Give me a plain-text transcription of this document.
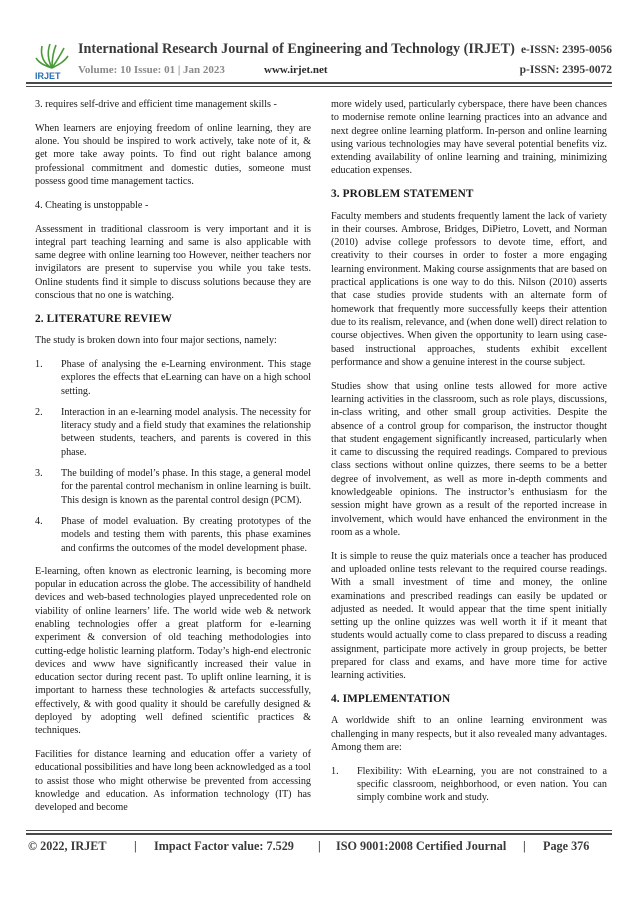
IRJET
International Research Journal of Engineering and Technology (IRJET) e-ISSN: 2395-0056
Volume: 10 Issue: 01 | Jan 2023	www.irjet.net	p-ISSN: 2395-0072

3. requires self-drive and efficient time management skills -

When learners are enjoying freedom of online learning, they are alone. You should be inspired to work actively, take note of it, & get more take away points. To find out right balance among professional commitment and domestic duties, someone must possess good time management tactics.

4. Cheating is unstoppable -

Assessment in traditional classroom is very important and it is integral part teaching learning and same is also applicable with same degree with online learning too However, neither teachers nor invigilators are present to supervise you while you take tests. Online students find it simple to discuss solutions because they are conscious that no one is watching.

2. LITERATURE REVIEW

The study is broken down into four major sections, namely:

1. Phase of analysing the e-Learning environment. This stage explores the effects that eLearning can have on a high school setting.
2. Interaction in an e-learning model analysis. The necessity for literacy study and a field study that examines the relationship between students, teachers, and parents is covered in this phase.
3. The building of model’s phase. In this stage, a general model for the parental control mechanism in online learning is built. This design is known as the parental control design (PCM).
4. Phase of model evaluation. By creating prototypes of the models and testing them with parents, this phase examines and confirms the outcomes of the model development phase.

E-learning, often known as electronic learning, is becoming more popular in education across the globe. The accessibility of handheld devices and web-based technologies played unprecedented role on viability of online learners’ life. The world wide web & network enabling technologies offer a great platform for e-learning experiment & conversion of old teaching methodologies into cutting-edge holistic learning platform. Today’s high-end electronic devices and www have significantly increased their value in education sector during recent past. To uplift online learning, it is important to harness these technologies & artefacts successfully, effectively, & with good quality it should be carefully designed & deployed by adopting well defined scientific practices & techniques.

Facilities for distance learning and education offer a variety of educational possibilities and have long been acknowledged as a tool to assist those who might otherwise be prevented from accessing knowledge and education. As information technology (IT) has developed and become

more widely used, particularly cyberspace, there have been chances to modernise remote online learning practices into an advance and next degree online learning platform. In-person and online learning using various technologies may have several potential benefits viz. extending availability of online learning and training, minimizing education expenses.

3. PROBLEM STATEMENT

Faculty members and students frequently lament the lack of variety in their courses. Ambrose, Bridges, DiPietro, Lovett, and Norman (2010) advise college professors to devote time, effort, and creativity to their courses in order to foster a more engaging learning environment. Making course assignments that are based on practical applications is one way to do this. Nilson (2010) asserts that case studies provide students with an alternate form of homework that frequently more successfully keeps their attention due to its realism, relevance, and (when done well) direct relation to course objectives. When given the opportunity to learn using case-based instructional approaches, students exhibit excellent performance and show a genuine interest in the course subject.

Studies show that using online tests allowed for more active learning activities in the classroom, such as role plays, discussions, in-class writing, and other small group activities. Despite the absence of a control group for comparison, the instructor thought that student engagement significantly increased, particularly when it came to discussing the required readings. Compared to previous class sections without online quizzes, there seems to be a better degree of involvement, as well as more in-depth comments and knowledgeable opinions. The instructor’s enthusiasm for the session might have grown as a result of the reported increase in involvement, which would have enhanced the environment in the room as a whole.

It is simple to reuse the quiz materials once a teacher has produced and uploaded online tests relevant to the required course readings. With a small investment of time and money, the online examinations and prescribed readings can easily be updated or adjusted as needed. It would appear that the time spent initially setting up the online quizzes was well worth it if it meant that students would actually come to class prepared to discuss a reading assignment, participate more actively in group projects, be better prepared for class and exams, and have more time for active learning activities.

4. IMPLEMENTATION

A worldwide shift to an online learning environment was challenging in many respects, but it also revealed many advantages. Among them are:

1. Flexibility: With eLearning, you are not constrained to a specific classroom, neighborhood, or even nation. You can simply combine work and study.
© 2022, IRJET | Impact Factor value: 7.529 | ISO 9001:2008 Certified Journal | Page 376
